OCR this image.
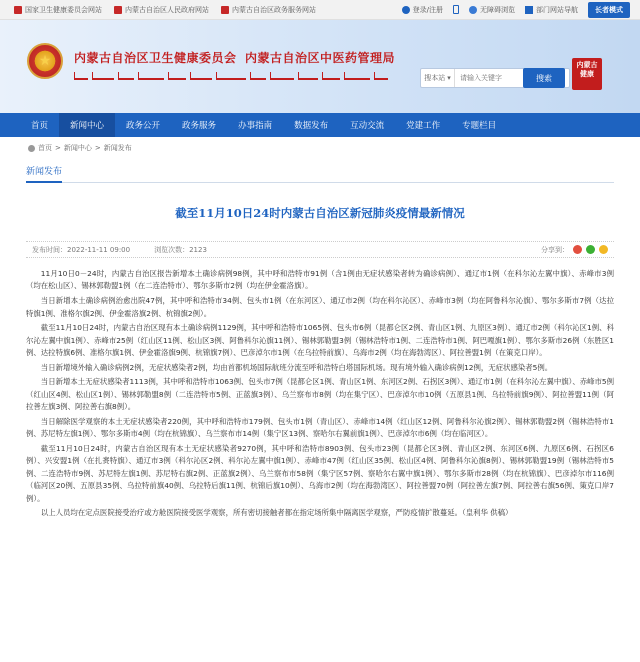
国家卫生健康委员会网站	内蒙古自治区人民政府网站	内蒙古自治区政务服务网站	登录/注册	无障碍浏览	部门网站导航	长者模式
★
内蒙古自治区卫生健康委员会 内蒙古自治区中医药管理局
搜本站 ▾
请输入关键字	搜索
内蒙古健康
首页	新闻中心	政务公开	政务服务	办事指南	数据发布	互动交流	党建工作	专题栏目
首页 > 新闻中心 > 新闻发布
新闻发布
截至11月10日24时内蒙古自治区新冠肺炎疫情最新情况
发布时间：2022-11-11 09:00	浏览次数：2123	分享到：

11月10日0－24时，内蒙古自治区报告新增本土确诊病例98例，其中呼和浩特市91例（含1例由无症状感染者转为确诊病例）、通辽市1例（在科尔沁左翼中旗）、赤峰市3例（均在松山区）、锡林郭勒盟1例（在二连浩特市）、鄂尔多斯市2例（均在伊金霍洛旗）。

当日新增本土确诊病例治愈出院47例，其中呼和浩特市34例、包头市1例（在东河区）、通辽市2例（均在科尔沁区）、赤峰市3例（均在阿鲁科尔沁旗）、鄂尔多斯市7例（达拉特旗1例、准格尔旗2例、伊金霍洛旗2例、杭锦旗2例）。

截至11月10日24时，内蒙古自治区现有本土确诊病例1129例，其中呼和浩特市1065例、包头市6例（昆都仑区2例、青山区1例、九原区3例）、通辽市2例（科尔沁区1例、科尔沁左翼中旗1例）、赤峰市25例（红山区11例、松山区3例、阿鲁科尔沁旗11例）、锡林郭勒盟3例（锡林浩特市1例、二连浩特市1例、阿巴嘎旗1例）、鄂尔多斯市26例（东胜区1例、达拉特旗6例、准格尔旗1例、伊金霍洛旗9例、杭锦旗7例）、巴彦淖尔市1例（在乌拉特前旗）、乌海市2例（均在海勃湾区）、阿拉善盟1例（在策克口岸）。

当日新增境外输入确诊病例2例，无症状感染者2例，均由首都机场国际航班分流至呼和浩特白塔国际机场。现有境外输入确诊病例12例，无症状感染者5例。

当日新增本土无症状感染者1113例，其中呼和浩特市1063例、包头市7例（昆都仑区1例、青山区1例、东河区2例、石拐区3例）、通辽市1例（在科尔沁左翼中旗）、赤峰市5例（红山区4例、松山区1例）、锡林郭勒盟8例（二连浩特市5例、正蓝旗3例）、乌兰察布市8例（均在集宁区）、巴彦淖尔市10例（五原县1例、乌拉特前旗9例）、阿拉善盟11例（阿拉善左旗3例、阿拉善右旗8例）。

当日解除医学观察的本土无症状感染者220例，其中呼和浩特市179例、包头市1例（青山区）、赤峰市14例（红山区12例、阿鲁科尔沁旗2例）、锡林郭勒盟2例（锡林浩特市1例、苏尼特左旗1例）、鄂尔多斯市4例（均在杭锦旗）、乌兰察布市14例（集宁区13例、察哈尔右翼前旗1例）、巴彦淖尔市6例（均在临河区）。

截至11月10日24时，内蒙古自治区现有本土无症状感染者9270例，其中呼和浩特市8903例、包头市23例（昆都仑区3例、青山区2例、东河区6例、九原区6例、石拐区6例）、兴安盟1例（在扎赉特旗）、通辽市3例（科尔沁区2例、科尔沁左翼中旗1例）、赤峰市47例（红山区35例、松山区4例、阿鲁科尔沁旗8例）、锡林郭勒盟19例（锡林浩特市5例、二连浩特市9例、苏尼特左旗1例、苏尼特右旗2例、正蓝旗2例）、乌兰察布市58例（集宁区57例、察哈尔右翼中旗1例）、鄂尔多斯市28例（均在杭锦旗）、巴彦淖尔市116例（临河区20例、五原县35例、乌拉特前旗40例、乌拉特后旗11例、杭锦后旗10例）、乌海市2例（均在海勃湾区）、阿拉善盟70例（阿拉善左旗7例、阿拉善右旗56例、策克口岸7例）。

以上人员均在定点医院接受治疗或方舱医院接受医学观察，所有密切接触者都在指定场所集中隔离医学观察，严防疫情扩散蔓延。（皇利华 供稿）
